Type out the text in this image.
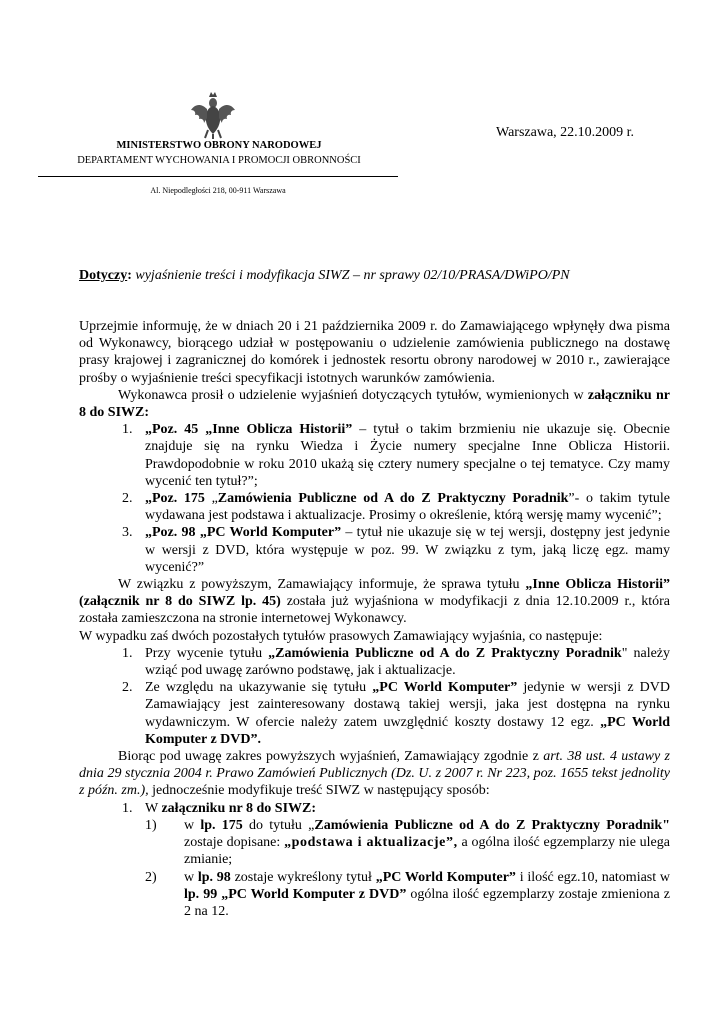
MINISTERSTWO OBRONY NARODOWEJ
DEPARTAMENT WYCHOWANIA I PROMOCJI OBRONNOŚCI
Al. Niepodległości 218, 00-911 Warszawa
Warszawa, 22.10.2009 r.
Dotyczy: wyjaśnienie treści i modyfikacja SIWZ – nr sprawy 02/10/PRASA/DWiPO/PN

Uprzejmie informuję, że w dniach 20 i 21 października 2009 r. do Zamawiającego wpłynęły dwa pisma od Wykonawcy, biorącego udział w postępowaniu o udzielenie zamówienia publicznego na dostawę prasy krajowej i zagranicznej do komórek i jednostek resortu obrony narodowej w 2010 r., zawierające prośby o wyjaśnienie treści specyfikacji istotnych warunków zamówienia.

Wykonawca prosił o udzielenie wyjaśnień dotyczących tytułów, wymienionych w załączniku nr 8 do SIWZ:

1. „Poz. 45 „Inne Oblicza Historii” – tytuł o takim brzmieniu nie ukazuje się. Obecnie znajduje się na rynku Wiedza i Życie numery specjalne Inne Oblicza Historii. Prawdopodobnie w roku 2010 ukażą się cztery numery specjalne o tej tematyce. Czy mamy wycenić ten tytuł?”;

2. „Poz. 175 „Zamówienia Publiczne od A do Z Praktyczny Poradnik”- o takim tytule wydawana jest podstawa i aktualizacje. Prosimy o określenie, którą wersję mamy wycenić”;

3. „Poz. 98 „PC World Komputer” – tytuł nie ukazuje się w tej wersji, dostępny jest jedynie w wersji z DVD, która występuje w poz. 99. W związku z tym, jaką liczę egz. mamy wycenić?”

W związku z powyższym, Zamawiający informuje, że sprawa tytułu „Inne Oblicza Historii” (załącznik nr 8 do SIWZ lp. 45) została już wyjaśniona w modyfikacji z dnia 12.10.2009 r., która została zamieszczona na stronie internetowej Wykonawcy.

W wypadku zaś dwóch pozostałych tytułów prasowych Zamawiający wyjaśnia, co następuje:

1. Przy wycenie tytułu „Zamówienia Publiczne od A do Z Praktyczny Poradnik" należy wziąć pod uwagę zarówno podstawę, jak i aktualizacje.

2. Ze względu na ukazywanie się tytułu „PC World Komputer” jedynie w wersji z DVD Zamawiający jest zainteresowany dostawą takiej wersji, jaka jest dostępna na rynku wydawniczym. W ofercie należy zatem uwzględnić koszty dostawy 12 egz. „PC World Komputer z DVD”.

Biorąc pod uwagę zakres powyższych wyjaśnień, Zamawiający zgodnie z art. 38 ust. 4 ustawy z dnia 29 stycznia 2004 r. Prawo Zamówień Publicznych (Dz. U. z 2007 r. Nr 223, poz. 1655 tekst jednolity z późn. zm.), jednocześnie modyfikuje treść SIWZ w następujący sposób:

1. W załączniku nr 8 do SIWZ:

1) w lp. 175 do tytułu „Zamówienia Publiczne od A do Z Praktyczny Poradnik" zostaje dopisane: „podstawa i aktualizacje”, a ogólna ilość egzemplarzy nie ulega zmianie;

2) w lp. 98 zostaje wykreślony tytuł „PC World Komputer” i ilość egz.10, natomiast w lp. 99 „PC World Komputer z DVD” ogólna ilość egzemplarzy zostaje zmieniona z 2 na 12.
